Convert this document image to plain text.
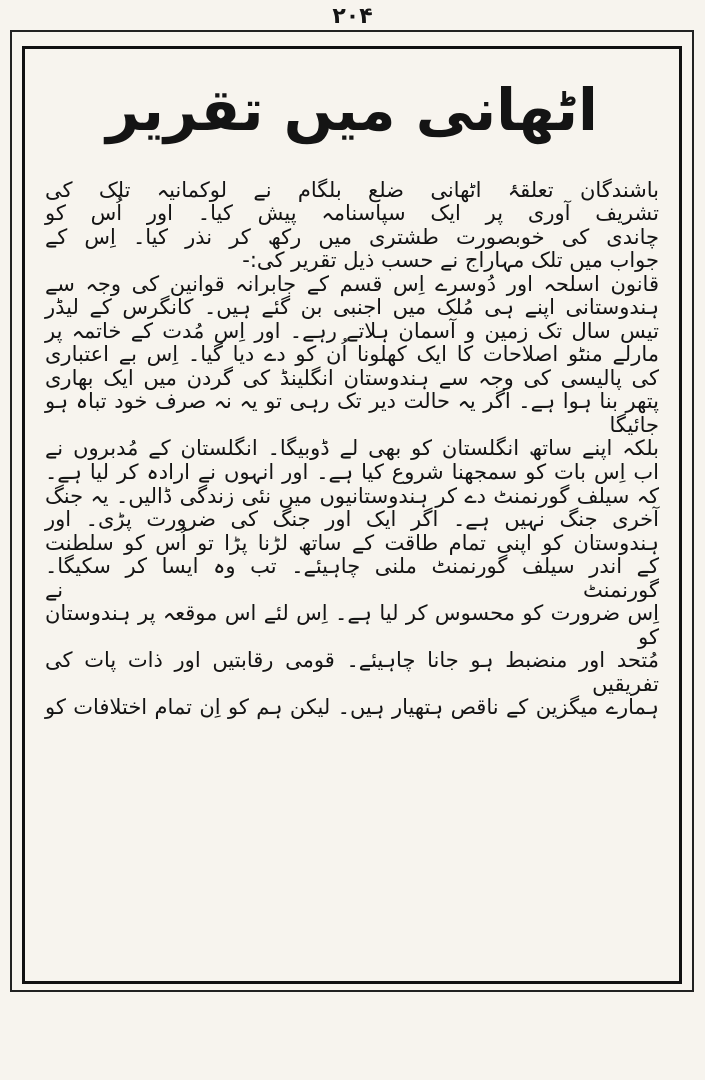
۲۰۴
اٹھانی میں تقریر

باشندگان تعلقۂ اٹھانی ضلع بلگام نے لوکمانیہ تلک کی

تشریف آوری پر ایک سپاسنامہ پیش کیا۔ اور اُس کو

چاندی کی خوبصورت طشتری میں رکھ کر نذر کیا۔ اِس کے

جواب میں تلک مہاراج نے حسب ذیل تقریر کی:-

قانون اسلحہ اور دُوسرے اِس قسم کے جابرانہ قوانین کی وجہ سے

ہندوستانی اپنے ہی مُلک میں اجنبی بن گئے ہیں۔ کانگرس کے لیڈر

تیس سال تک زمین و آسمان ہلاتے رہے۔ اور اِس مُدت کے خاتمہ پر

مارلے منٹو اصلاحات کا ایک کھلونا اُن کو دے دیا گیا۔ اِس بے اعتباری

کی پالیسی کی وجہ سے ہندوستان انگلینڈ کی گردن میں ایک بھاری

پتھر بنا ہوا ہے۔ اگر یہ حالت دیر تک رہی تو یہ نہ صرف خود تباہ ہو جائیگا

بلکہ اپنے ساتھ انگلستان کو بھی لے ڈوبیگا۔ انگلستان کے مُدبروں نے

اب اِس بات کو سمجھنا شروع کیا ہے۔ اور انہوں نے ارادہ کر لیا ہے۔

کہ سیلف گورنمنٹ دے کر ہندوستانیوں میں نئی زندگی ڈالیں۔ یہ جنگ

آخری جنگ نہیں ہے۔ اگر ایک اور جنگ کی ضرورت پڑی۔ اور

ہندوستان کو اپنی تمام طاقت کے ساتھ لڑنا پڑا تو اُس کو سلطنت

کے اندر سیلف گورنمنٹ ملنی چاہیئے۔ تب وہ ایسا کر سکیگا۔ گورنمنٹ نے

اِس ضرورت کو محسوس کر لیا ہے۔ اِس لئے اس موقعہ پر ہندوستان کو

مُتحد اور منضبط ہو جانا چاہیئے۔ قومی رقابتیں اور ذات پات کی تفریقیں

ہمارے میگزین کے ناقص ہتھیار ہیں۔ لیکن ہم کو اِن تمام اختلافات کو
